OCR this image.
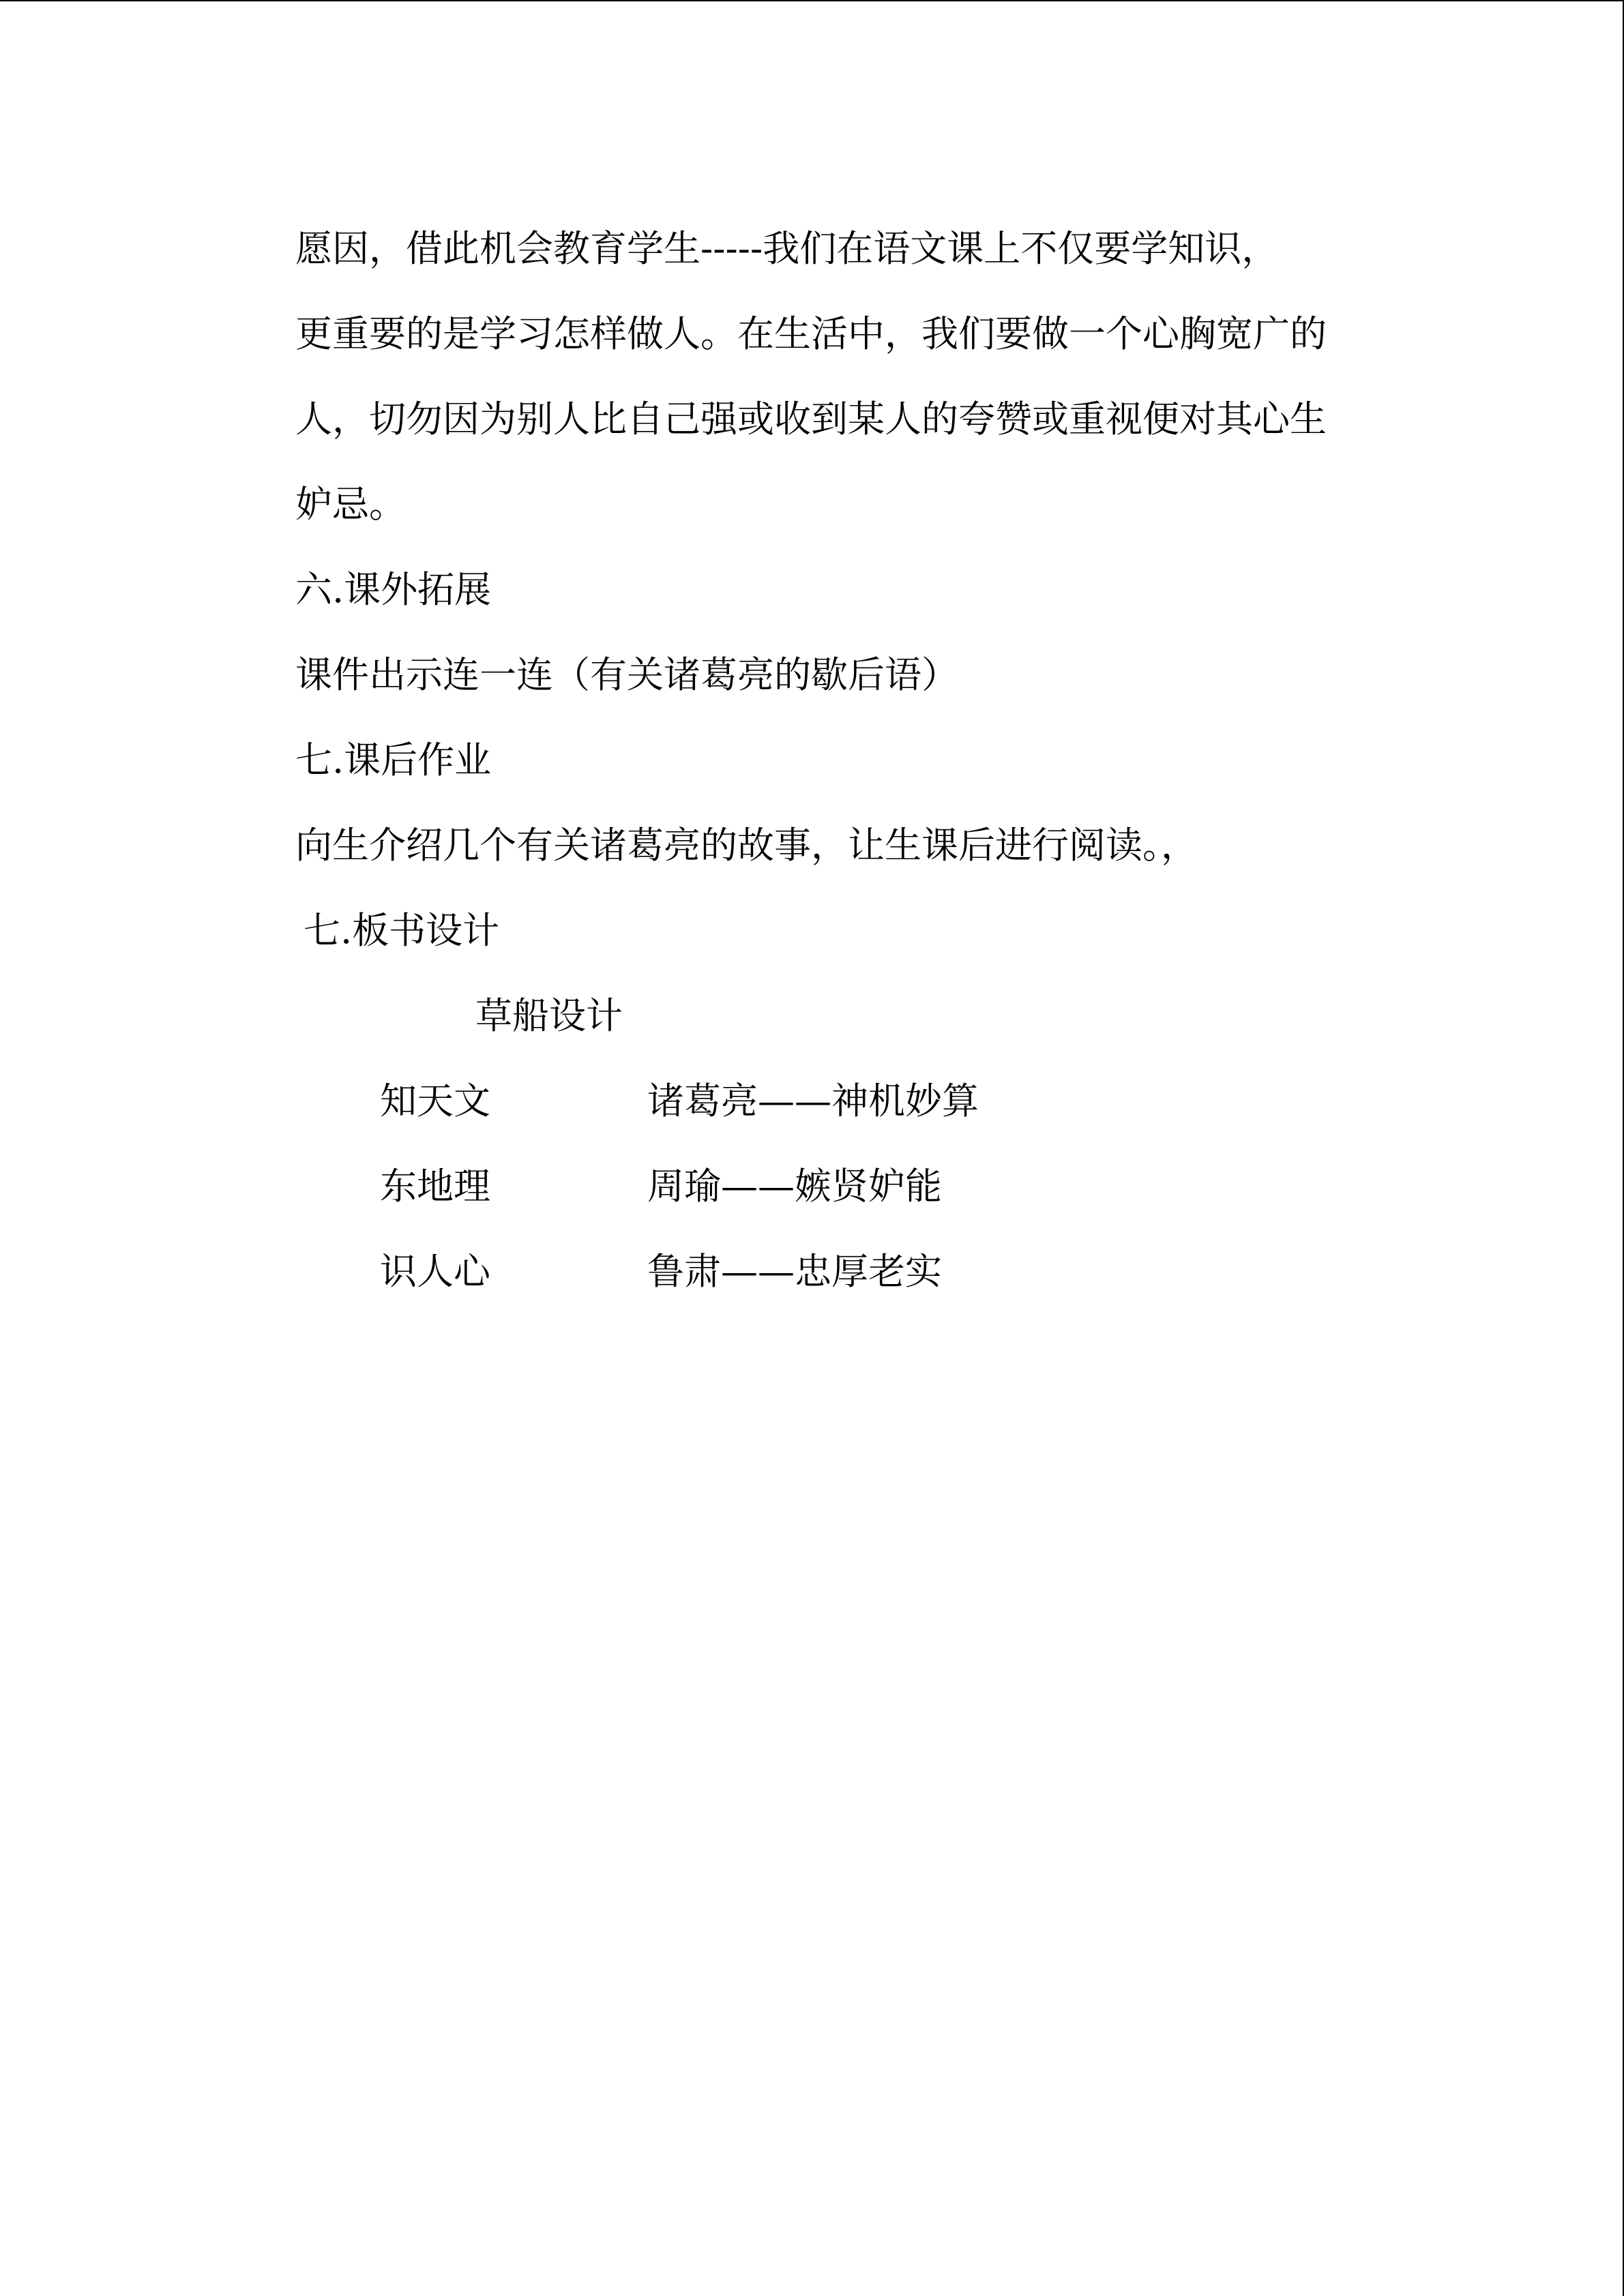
愿因，借此机会教育学生-----我们在语文课上不仅要学知识，
更重要的是学习怎样做人。在生活中，我们要做一个心胸宽广的
人，切勿因为别人比自己强或收到某人的夸赞或重视便对其心生
妒忌。
六.课外拓展
课件出示连一连（有关诸葛亮的歇后语）
七.课后作业
向生介绍几个有关诸葛亮的故事，让生课后进行阅读。，
七.板书设计
草船设计
知天文	诸葛亮——神机妙算
东地理	周瑜——嫉贤妒能
识人心	鲁肃——忠厚老实
